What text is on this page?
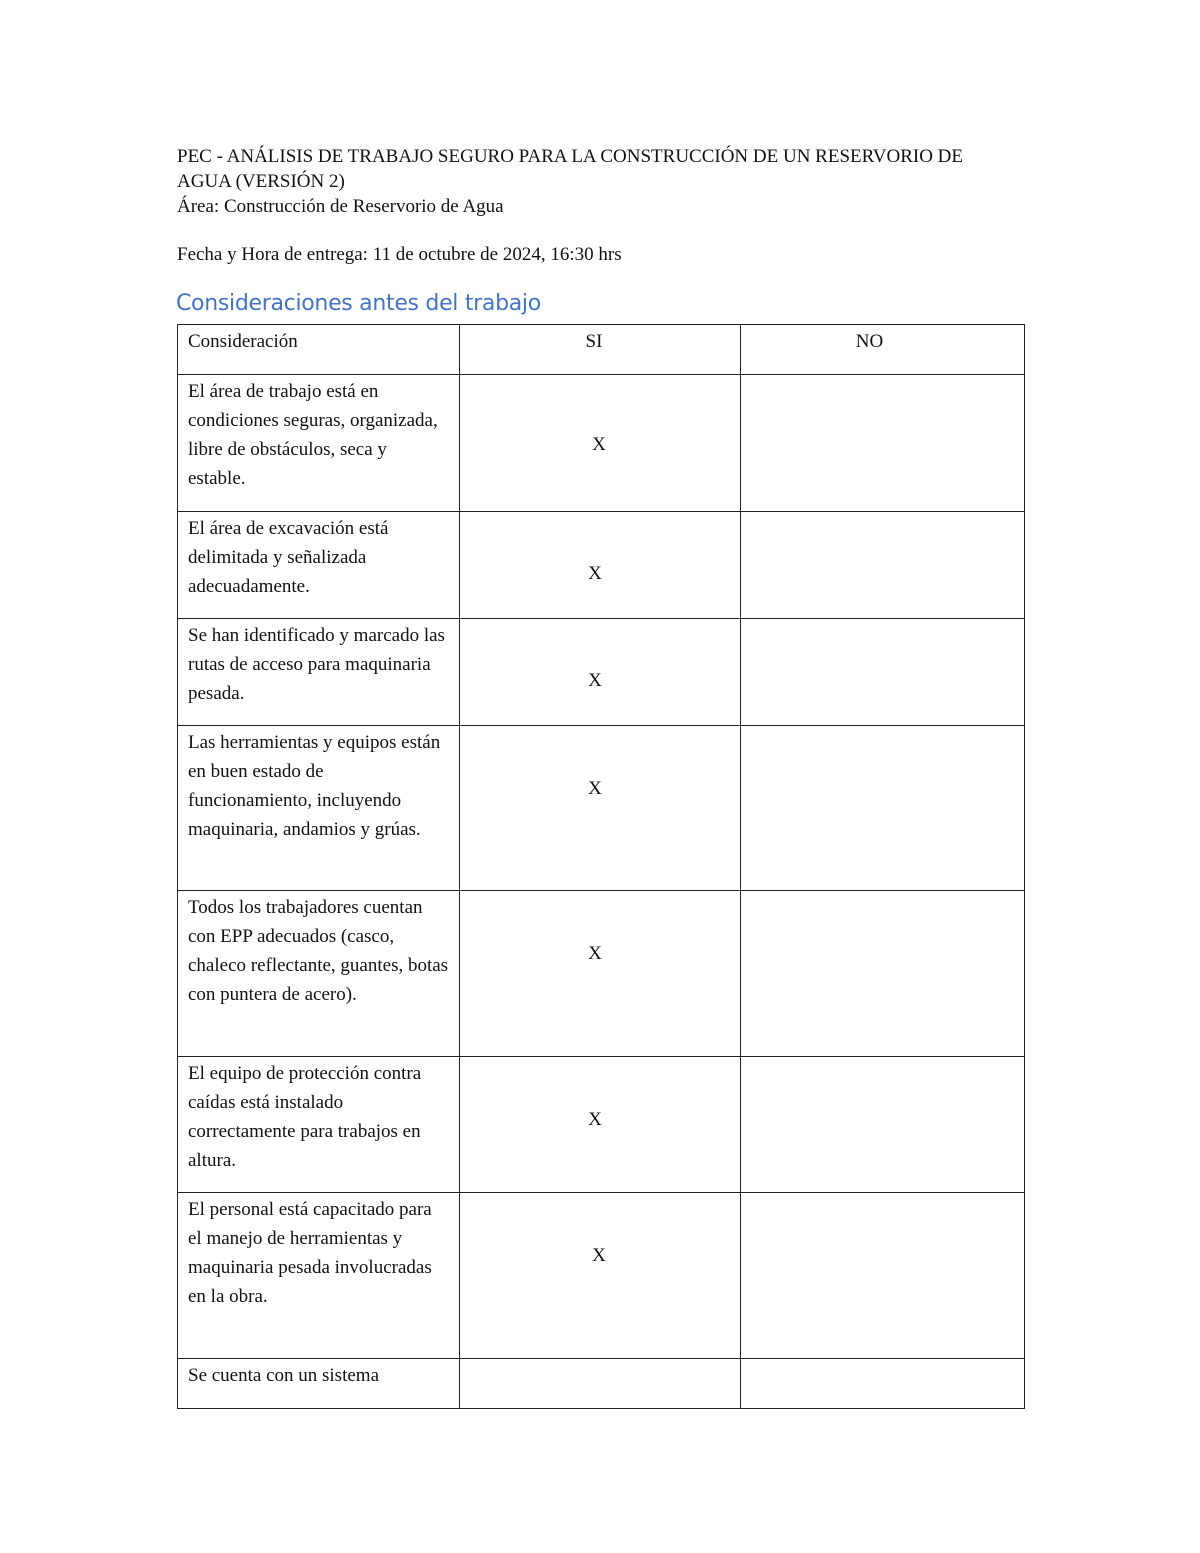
PEC - ANÁLISIS DE TRABAJO SEGURO PARA LA CONSTRUCCIÓN DE UN RESERVORIO DE
AGUA (VERSIÓN 2)
Área: Construcción de Reservorio de Agua
Fecha y Hora de entrega: 11 de octubre de 2024, 16:30 hrs
Consideraciones antes del trabajo
Consideración	SI	NO
El área de trabajo está en condiciones seguras, organizada, libre de obstáculos, seca y estable.	X	
El área de excavación está delimitada y señalizada adecuadamente.	X	
Se han identificado y marcado las rutas de acceso para maquinaria pesada.	X	
Las herramientas y equipos están en buen estado de funcionamiento, incluyendo maquinaria, andamios y grúas.	X	
Todos los trabajadores cuentan con EPP adecuados (casco, chaleco reflectante, guantes, botas con puntera de acero).	X	
El equipo de protección contra caídas está instalado correctamente para trabajos en altura.	X	
El personal está capacitado para el manejo de herramientas y maquinaria pesada involucradas en la obra.	X	
Se cuenta con un sistema		
